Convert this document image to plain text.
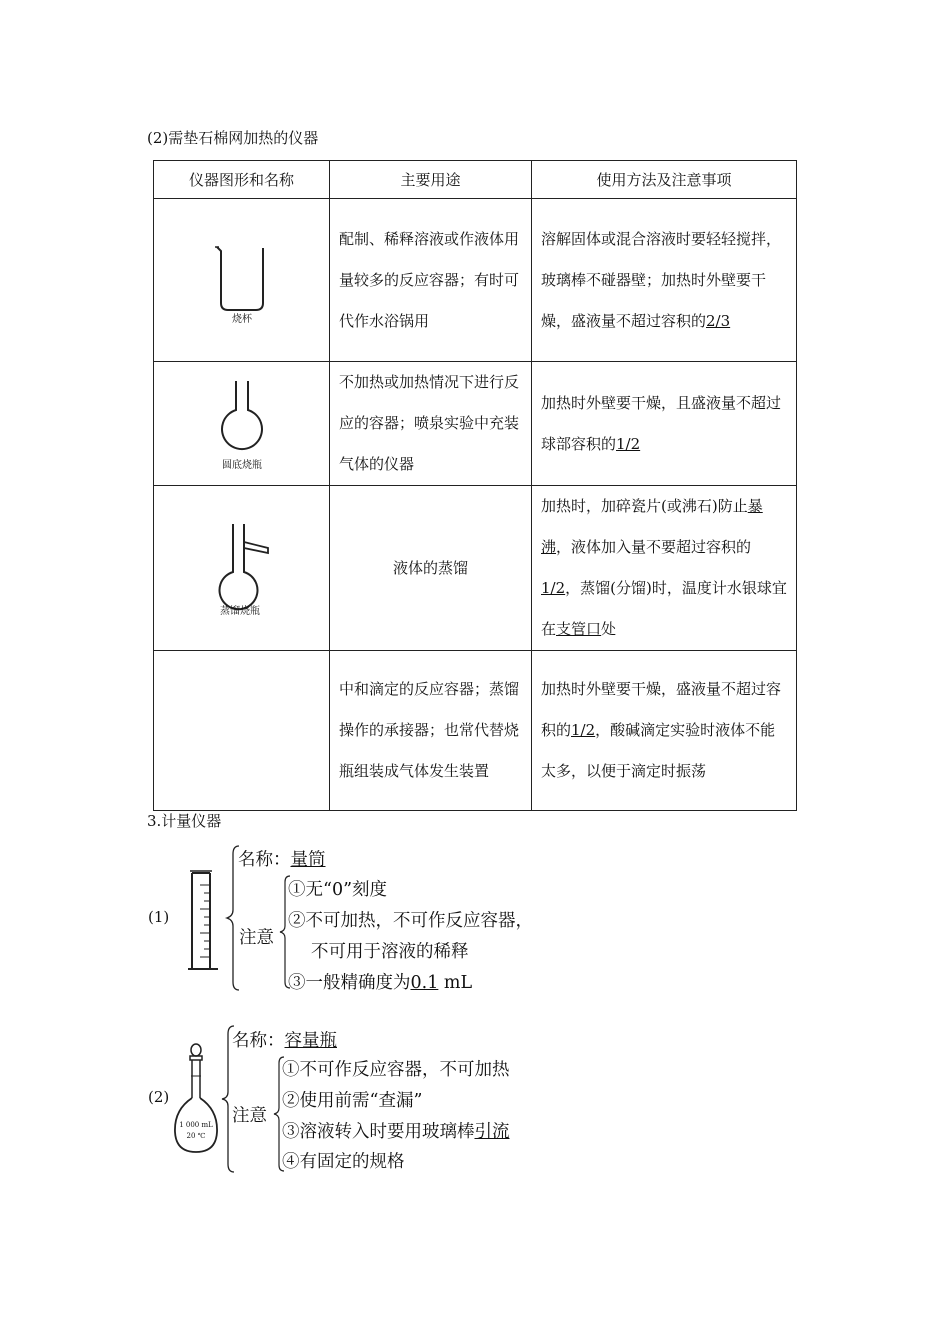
(2)需垫石棉网加热的仪器
仪器图形和名称	主要用途	使用方法及注意事项

烧杯	配制、稀释溶液或作液体用量较多的反应容器；有时可代作水浴锅用	溶解固体或混合溶液时要轻轻搅拌，玻璃棒不碰器壁；加热时外壁要干燥，盛液量不超过容积的2/3

圆底烧瓶	不加热或加热情况下进行反应的容器；喷泉实验中充装气体的仪器	加热时外壁要干燥，且盛液量不超过球部容积的1/2

蒸馏烧瓶	液体的蒸馏	加热时，加碎瓷片(或沸石)防止暴沸，液体加入量不要超过容积的1/2，蒸馏(分馏)时，温度计水银球宜在支管口处
	中和滴定的反应容器；蒸馏操作的承接器；也常代替烧瓶组装成气体发生装置	加热时外壁要干燥，盛液量不超过容积的1/2，酸碱滴定实验时液体不能太多，以便于滴定时振荡
3.计量仪器
(1)
名称：量筒
注意
①无“0”刻度
②不可加热，不可作反应容器，
不可用于溶液的稀释
③一般精确度为0.1 mL
(2)
1 000 mL
20 ℃
名称：容量瓶
注意
①不可作反应容器，不可加热
②使用前需“查漏”
③溶液转入时要用玻璃棒引流
④有固定的规格
